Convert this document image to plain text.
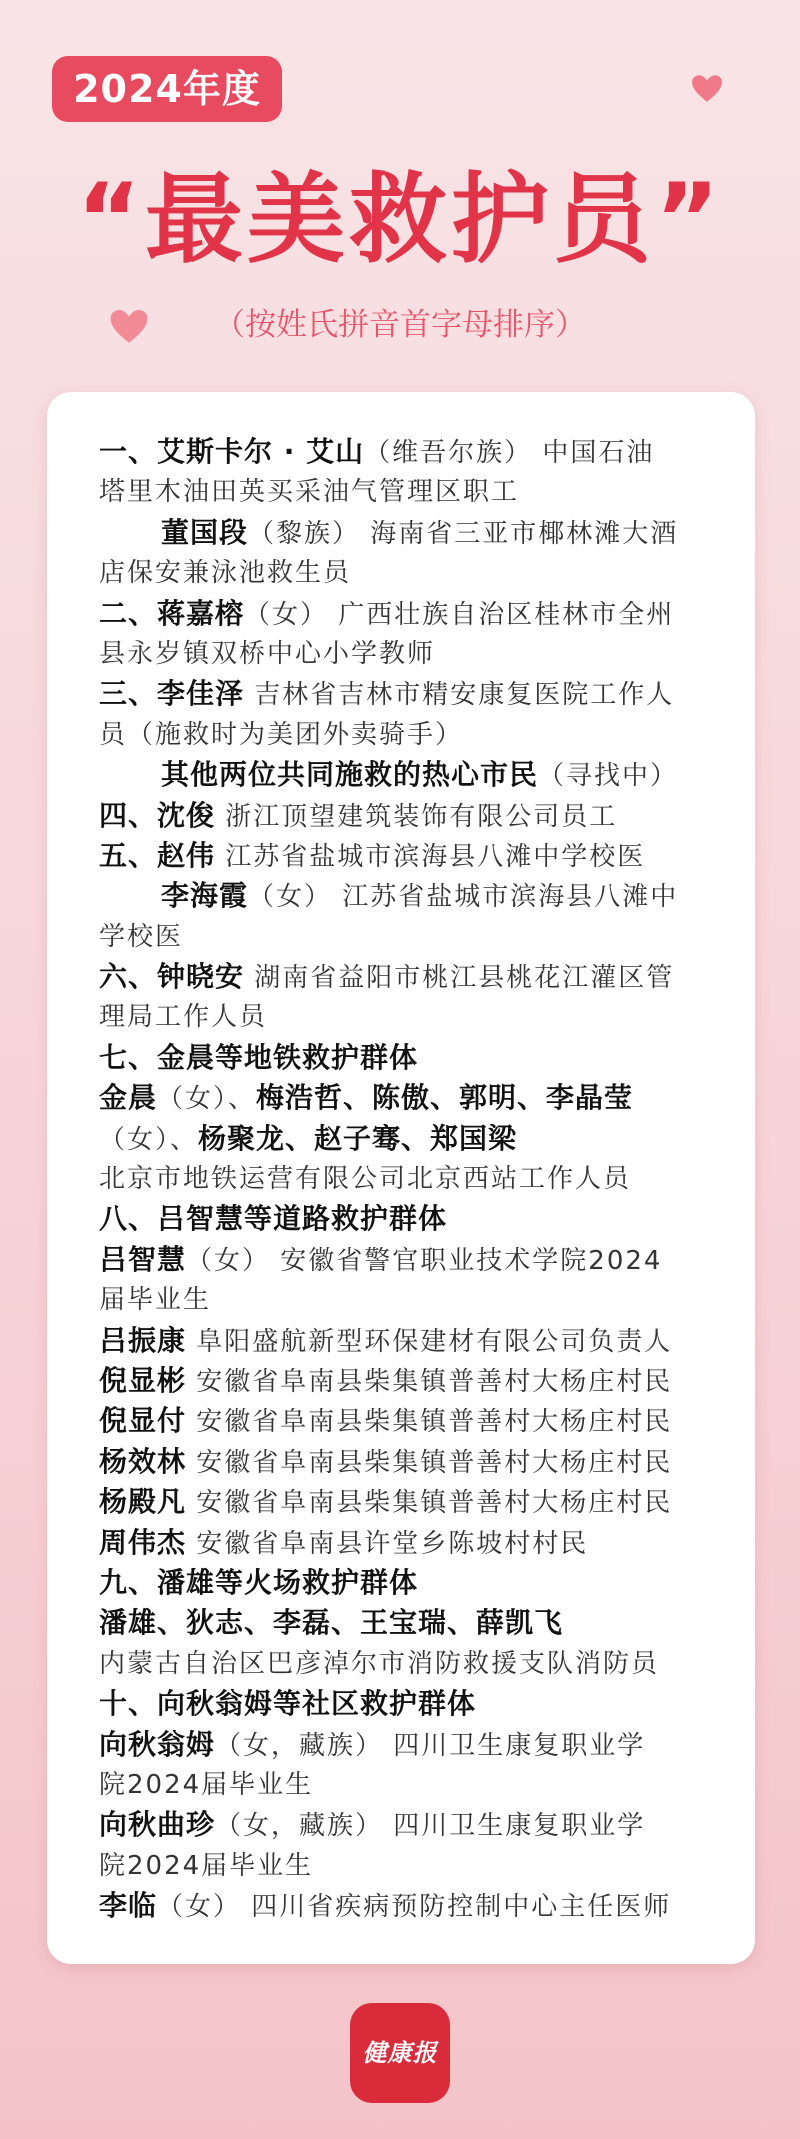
2024年度
“最美救护员”
（按姓氏拼音首字母排序）
一、艾斯卡尔 · 艾山（维吾尔族） 中国石油
塔里木油田英买采油气管理区职工
董国段（黎族） 海南省三亚市椰林滩大酒
店保安兼泳池救生员
二、蒋嘉榕（女） 广西壮族自治区桂林市全州
县永岁镇双桥中心小学教师
三、李佳泽 吉林省吉林市精安康复医院工作人
员（施救时为美团外卖骑手）
其他两位共同施救的热心市民（寻找中）
四、沈俊 浙江顶望建筑装饰有限公司员工
五、赵伟 江苏省盐城市滨海县八滩中学校医
李海霞（女） 江苏省盐城市滨海县八滩中
学校医
六、钟晓安 湖南省益阳市桃江县桃花江灌区管
理局工作人员
七、金晨等地铁救护群体
金晨（女）、梅浩哲、陈傲、郭明、李晶莹
（女）、杨聚龙、赵子骞、郑国梁
北京市地铁运营有限公司北京西站工作人员
八、吕智慧等道路救护群体
吕智慧（女） 安徽省警官职业技术学院2024
届毕业生
吕振康 阜阳盛航新型环保建材有限公司负责人
倪显彬 安徽省阜南县柴集镇普善村大杨庄村民
倪显付 安徽省阜南县柴集镇普善村大杨庄村民
杨效林 安徽省阜南县柴集镇普善村大杨庄村民
杨殿凡 安徽省阜南县柴集镇普善村大杨庄村民
周伟杰 安徽省阜南县许堂乡陈坡村村民
九、潘雄等火场救护群体
潘雄、狄志、李磊、王宝瑞、薛凯飞
内蒙古自治区巴彦淖尔市消防救援支队消防员
十、向秋翁姆等社区救护群体
向秋翁姆（女，藏族） 四川卫生康复职业学
院2024届毕业生
向秋曲珍（女，藏族） 四川卫生康复职业学
院2024届毕业生
李临（女） 四川省疾病预防控制中心主任医师
健康报
